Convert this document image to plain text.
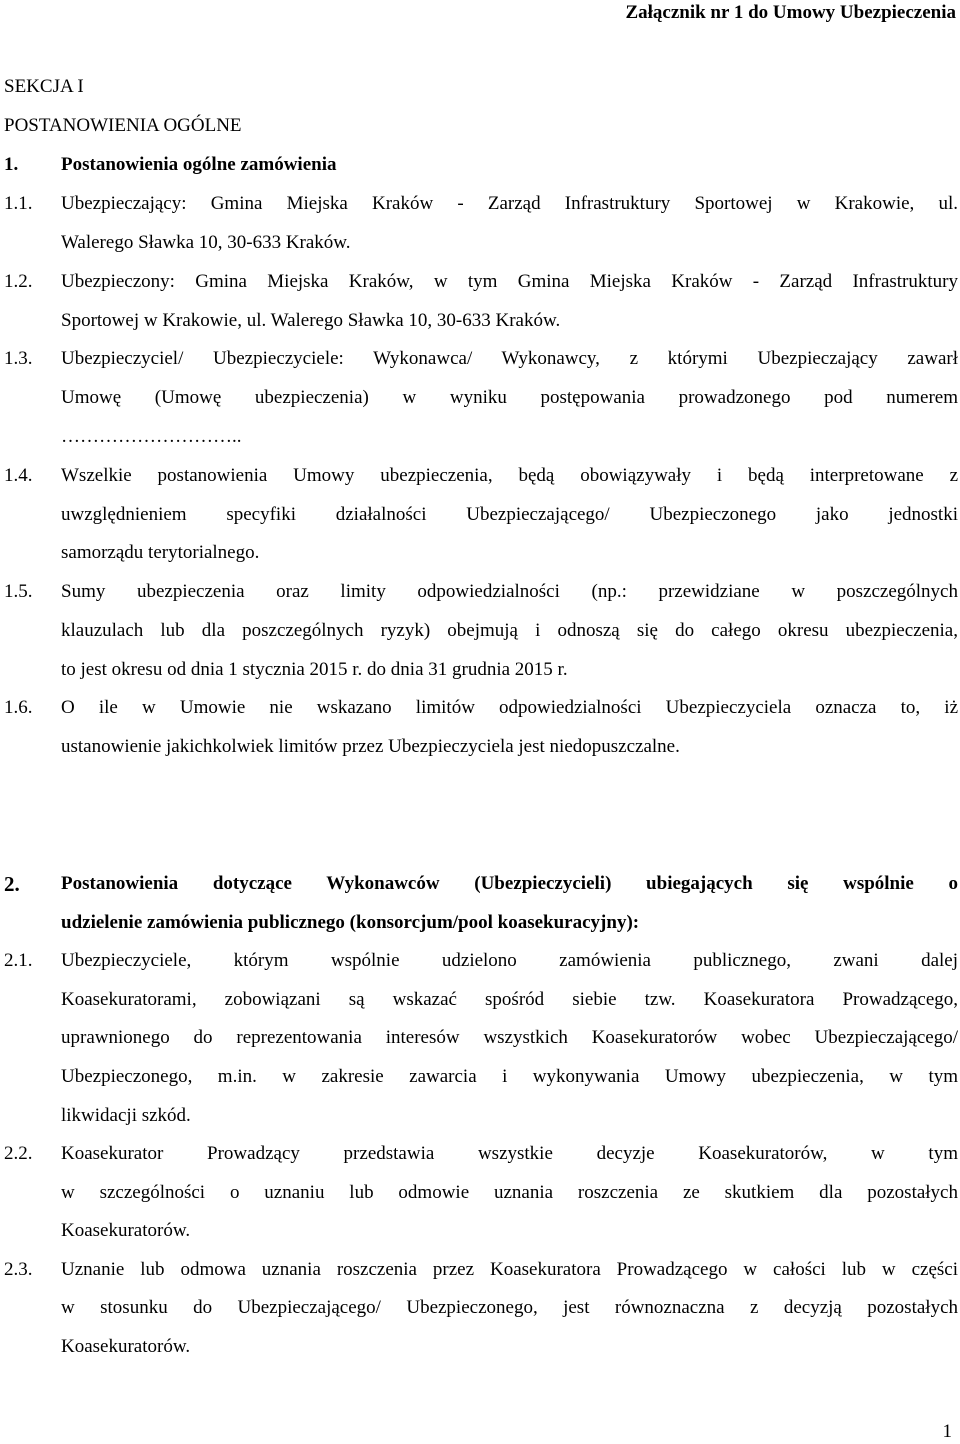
Załącznik nr 1 do Umowy Ubezpieczenia
SEKCJA I
POSTANOWIENIA OGÓLNE
1. Postanowienia ogólne zamówienia
1.1. Ubezpieczający: Gmina Miejska Kraków - Zarząd Infrastruktury Sportowej w Krakowie, ul.
Walerego Sławka 10, 30-633 Kraków.
1.2. Ubezpieczony: Gmina Miejska Kraków, w tym Gmina Miejska Kraków - Zarząd Infrastruktury
Sportowej w Krakowie, ul. Walerego Sławka 10, 30-633 Kraków.
1.3. Ubezpieczyciel/ Ubezpieczyciele: Wykonawca/ Wykonawcy, z którymi Ubezpieczający zawarł
Umowę (Umowę ubezpieczenia) w wyniku postępowania prowadzonego pod numerem
………………………..
1.4. Wszelkie postanowienia Umowy ubezpieczenia, będą obowiązywały i będą interpretowane z
uwzględnieniem specyfiki działalności Ubezpieczającego/ Ubezpieczonego jako jednostki
samorządu terytorialnego.
1.5. Sumy ubezpieczenia oraz limity odpowiedzialności (np.: przewidziane w poszczególnych
klauzulach lub dla poszczególnych ryzyk) obejmują i odnoszą się do całego okresu ubezpieczenia,
to jest okresu od dnia 1 stycznia 2015 r. do dnia 31 grudnia 2015 r.
1.6. O ile w Umowie nie wskazano limitów odpowiedzialności Ubezpieczyciela oznacza to, iż
ustanowienie jakichkolwiek limitów przez Ubezpieczyciela jest niedopuszczalne.
2. Postanowienia dotyczące Wykonawców (Ubezpieczycieli) ubiegających się wspólnie o
udzielenie zamówienia publicznego (konsorcjum/pool koasekuracyjny):
2.1. Ubezpieczyciele, którym wspólnie udzielono zamówienia publicznego, zwani dalej
Koasekuratorami, zobowiązani są wskazać spośród siebie tzw. Koasekuratora Prowadzącego,
uprawnionego do reprezentowania interesów wszystkich Koasekuratorów wobec Ubezpieczającego/
Ubezpieczonego, m.in. w zakresie zawarcia i wykonywania Umowy ubezpieczenia, w tym
likwidacji szkód.
2.2. Koasekurator Prowadzący przedstawia wszystkie decyzje Koasekuratorów, w tym
w szczególności o uznaniu lub odmowie uznania roszczenia ze skutkiem dla pozostałych
Koasekuratorów.
2.3. Uznanie lub odmowa uznania roszczenia przez Koasekuratora Prowadzącego w całości lub w części
w stosunku do Ubezpieczającego/ Ubezpieczonego, jest równoznaczna z decyzją pozostałych
Koasekuratorów.
1
